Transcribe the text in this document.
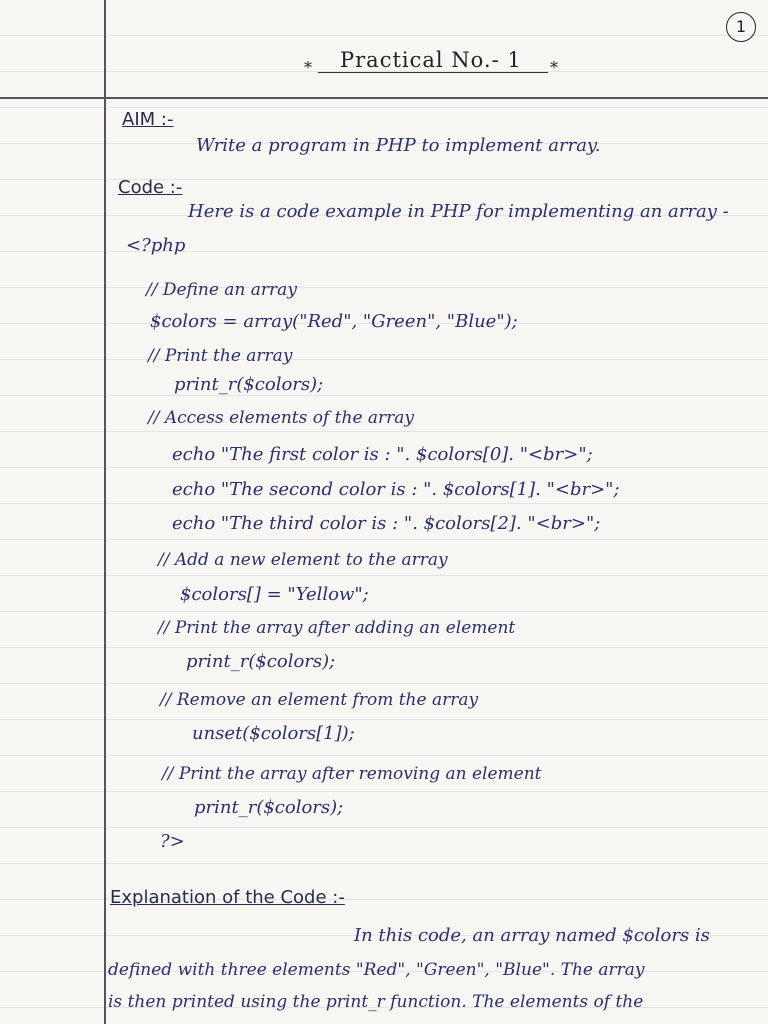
1
* Practical No.- 1 *
AIM :-
Write a program in PHP to implement array.
Code :-
Here is a code example in PHP for implementing an array -
<?php
// Define an array
$colors = array("Red", "Green", "Blue");
// Print the array
print_r($colors);
// Access elements of the array
echo "The first color is : ". $colors[0]. "<br>";
echo "The second color is : ". $colors[1]. "<br>";
echo "The third color is : ". $colors[2]. "<br>";
// Add a new element to the array
$colors[] = "Yellow";
// Print the array after adding an element
print_r($colors);
// Remove an element from the array
unset($colors[1]);
// Print the array after removing an element
print_r($colors);
?>
Explanation of the Code :-
In this code, an array named $colors is
defined with three elements "Red", "Green", "Blue". The array
is then printed using the print_r function. The elements of the
